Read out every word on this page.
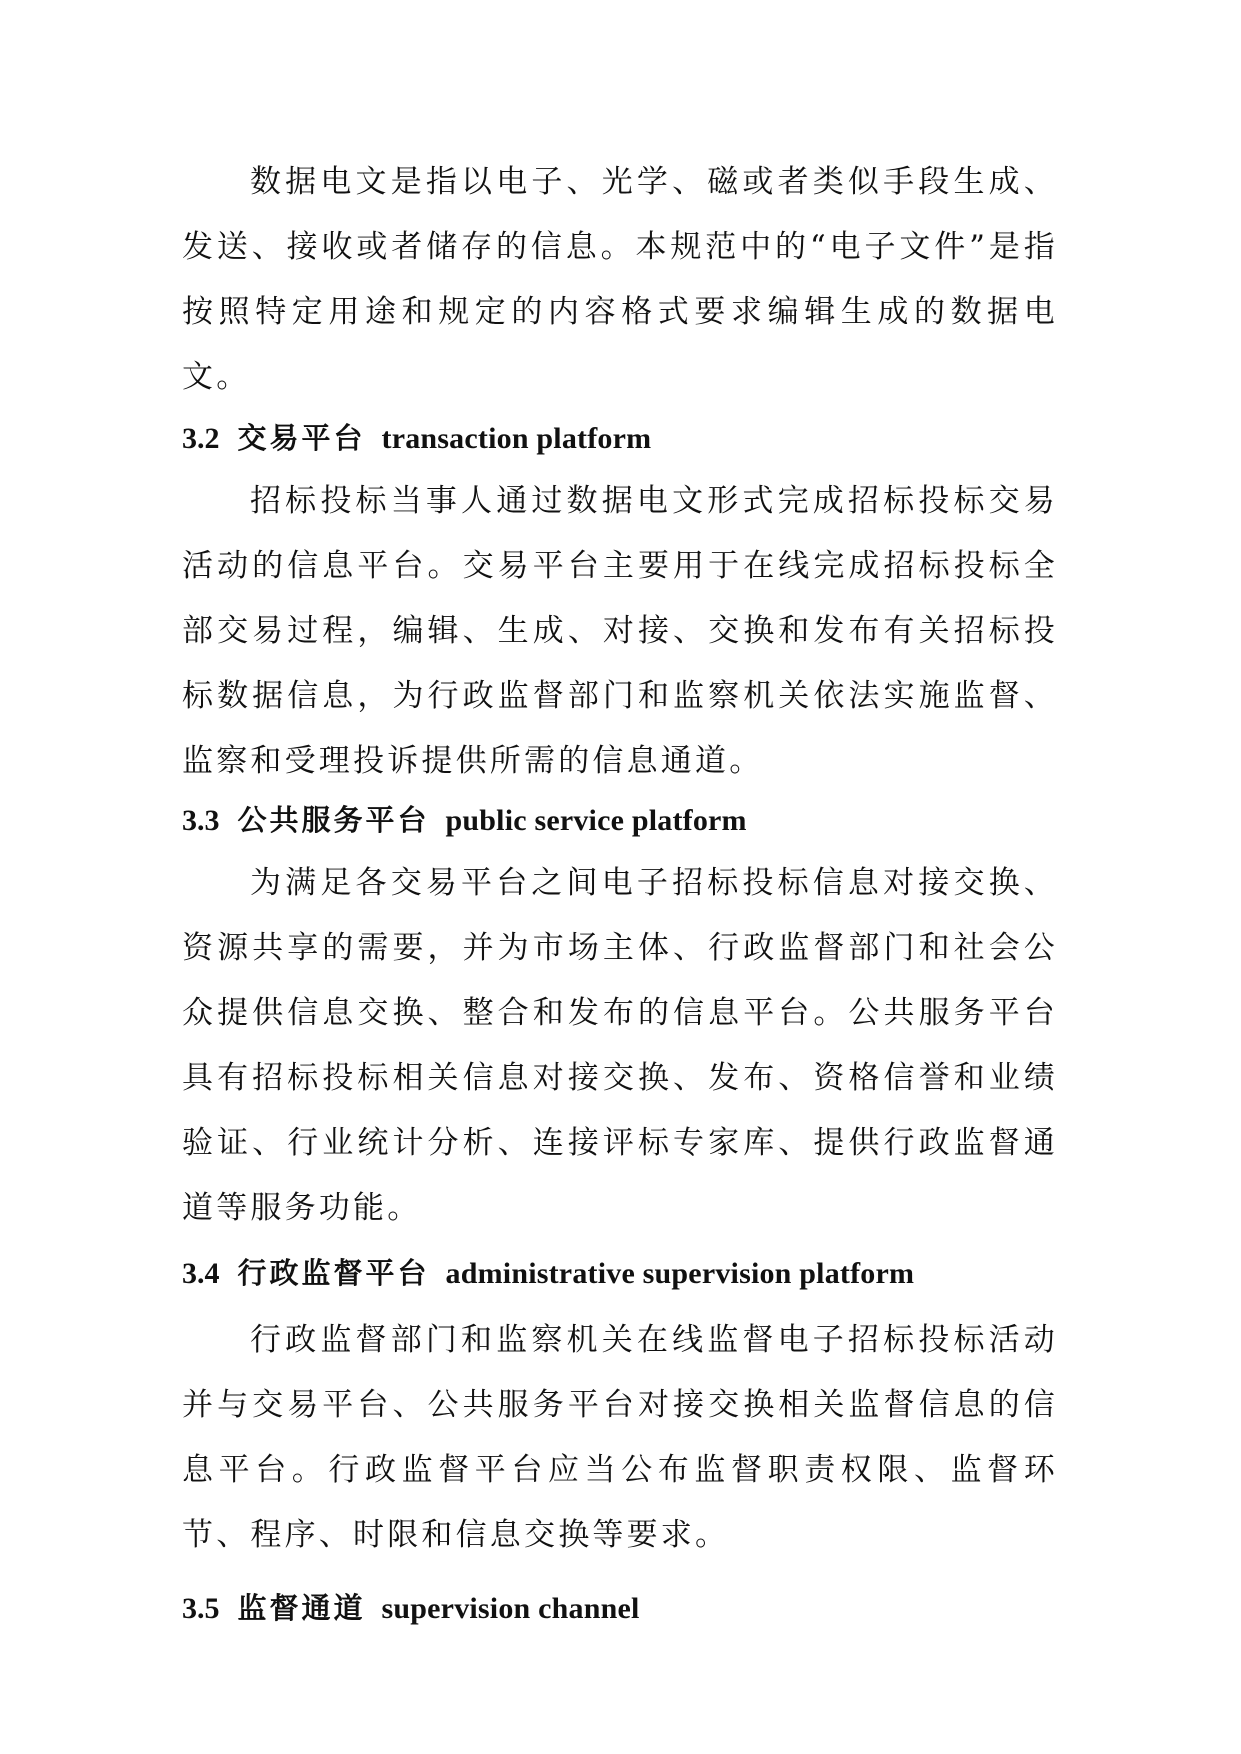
数据电文是指以电子、光学、磁或者类似手段生成、发送、接收或者储存的信息。本规范中的“电子文件”是指按照特定用途和规定的内容格式要求编辑生成的数据电文。

3.2 交易平台 transaction platform

招标投标当事人通过数据电文形式完成招标投标交易活动的信息平台。交易平台主要用于在线完成招标投标全部交易过程，编辑、生成、对接、交换和发布有关招标投标数据信息，为行政监督部门和监察机关依法实施监督、监察和受理投诉提供所需的信息通道。

3.3 公共服务平台 public service platform

为满足各交易平台之间电子招标投标信息对接交换、资源共享的需要，并为市场主体、行政监督部门和社会公众提供信息交换、整合和发布的信息平台。公共服务平台具有招标投标相关信息对接交换、发布、资格信誉和业绩验证、行业统计分析、连接评标专家库、提供行政监督通道等服务功能。

3.4 行政监督平台 administrative supervision platform

行政监督部门和监察机关在线监督电子招标投标活动并与交易平台、公共服务平台对接交换相关监督信息的信息平台。行政监督平台应当公布监督职责权限、监督环节、程序、时限和信息交换等要求。

3.5 监督通道 supervision channel
